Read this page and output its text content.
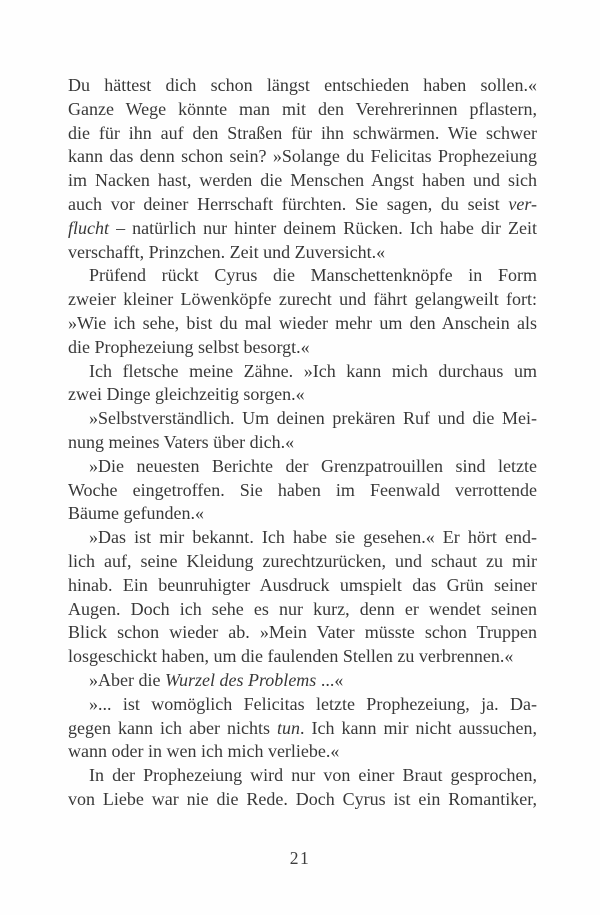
Du hättest dich schon längst entschieden haben sollen.«
Ganze Wege könnte man mit den Verehrerinnen pflastern,
die für ihn auf den Straßen für ihn schwärmen. Wie schwer
kann das denn schon sein? »Solange du Felicitas Prophezeiung
im Nacken hast, werden die Menschen Angst haben und sich
auch vor deiner Herrschaft fürchten. Sie sagen, du seist ver-
flucht – natürlich nur hinter deinem Rücken. Ich habe dir Zeit
verschafft, Prinzchen. Zeit und Zuversicht.«
Prüfend rückt Cyrus die Manschettenknöpfe in Form
zweier kleiner Löwenköpfe zurecht und fährt gelangweilt fort:
»Wie ich sehe, bist du mal wieder mehr um den Anschein als
die Prophezeiung selbst besorgt.«
Ich fletsche meine Zähne. »Ich kann mich durchaus um
zwei Dinge gleichzeitig sorgen.«
»Selbstverständlich. Um deinen prekären Ruf und die Mei-
nung meines Vaters über dich.«
»Die neuesten Berichte der Grenzpatrouillen sind letzte
Woche eingetroffen. Sie haben im Feenwald verrottende
Bäume gefunden.«
»Das ist mir bekannt. Ich habe sie gesehen.« Er hört end-
lich auf, seine Kleidung zurechtzurücken, und schaut zu mir
hinab. Ein beunruhigter Ausdruck umspielt das Grün seiner
Augen. Doch ich sehe es nur kurz, denn er wendet seinen
Blick schon wieder ab. »Mein Vater müsste schon Truppen
losgeschickt haben, um die faulenden Stellen zu verbrennen.«
»Aber die Wurzel des Problems ...«
»... ist womöglich Felicitas letzte Prophezeiung, ja. Da-
gegen kann ich aber nichts tun. Ich kann mir nicht aussuchen,
wann oder in wen ich mich verliebe.«
In der Prophezeiung wird nur von einer Braut gesprochen,
von Liebe war nie die Rede. Doch Cyrus ist ein Romantiker,
21
